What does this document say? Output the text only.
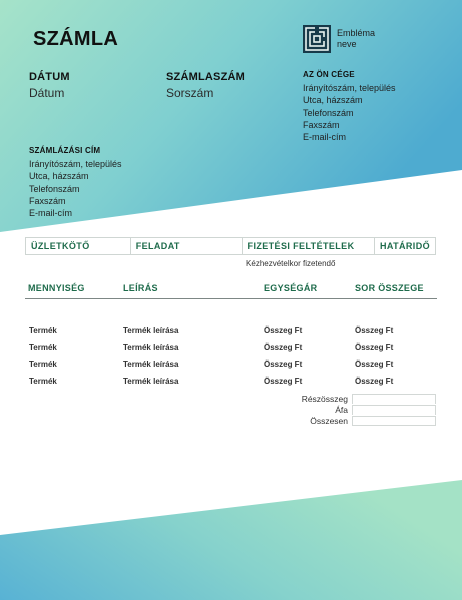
SZÁMLA	Embléma
neve
DÁTUM
Dátum
SZÁMLASZÁM
Sorszám
AZ ÖN CÉGE
Irányítószám, település
Utca, házszám
Telefonszám
Faxszám
E-mail-cím
SZÁMLÁZÁSI CÍM
Irányítószám, település
Utca, házszám
Telefonszám
Faxszám
E-mail-cím
ÜZLETKÖTŐ	FELADAT	FIZETÉSI FELTÉTELEK	HATÁRIDŐ
		Kézhezvételkor fizetendő	
MENNYISÉG	LEÍRÁS	EGYSÉGÁR	SOR ÖSSZEGE
Termék	Termék leírása	Összeg Ft	Összeg Ft
Termék	Termék leírása	Összeg Ft	Összeg Ft
Termék	Termék leírása	Összeg Ft	Összeg Ft
Termék	Termék leírása	Összeg Ft	Összeg Ft
Részösszeg
Áfa
Összesen
